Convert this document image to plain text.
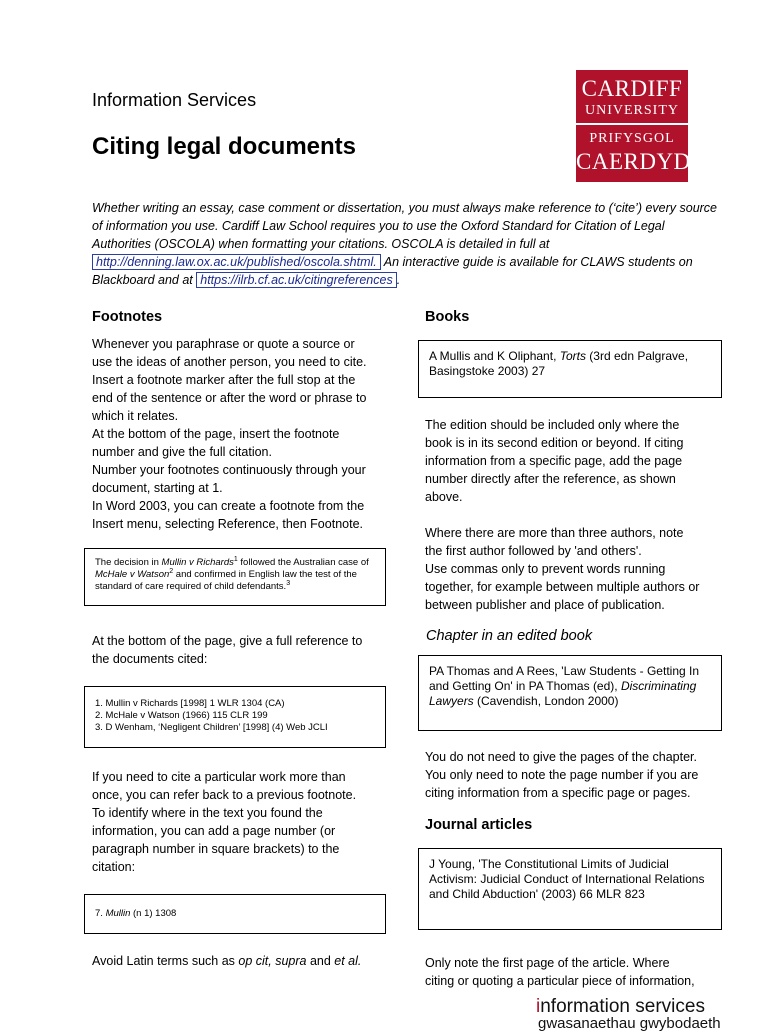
Information Services
Citing legal documents
CARDIFF
UNIVERSITY
PRIFYSGOL
CAERDYD
Whether writing an essay, case comment or dissertation, you must always make reference to (‘cite’) every source of information you use. Cardiff Law School requires you to use the Oxford Standard for Citation of Legal Authorities (OSCOLA) when formatting your citations. OSCOLA is detailed in full at http://denning.law.ox.ac.uk/published/oscola.shtml. An interactive guide is available for CLAWS students on Blackboard and at https://ilrb.cf.ac.uk/citingreferences .
Footnotes
Whenever you paraphrase or quote a source or
use the ideas of another person, you need to cite.
Insert a footnote marker after the full stop at the
end of the sentence or after the word or phrase to
which it relates.
At the bottom of the page, insert the footnote
number and give the full citation.
Number your footnotes continuously through your
document, starting at 1.
In Word 2003, you can create a footnote from the
Insert menu, selecting Reference, then Footnote.
The decision in Mullin v Richards$^1$ followed the Australian case of McHale v Watson$^2$ and confirmed in English law the test of the standard of care required of child defendants.$^3$
At the bottom of the page, give a full reference to
the documents cited:
1. Mullin v Richards [1998] 1 WLR 1304 (CA)
2. McHale v Watson (1966) 115 CLR 199
3. D Wenham, ‘Negligent Children’ [1998] (4) Web JCLI
If you need to cite a particular work more than
once, you can refer back to a previous footnote.
To identify where in the text you found the
information, you can add a page number (or
paragraph number in square brackets) to the
citation:
7. Mullin (n 1) 1308
Avoid Latin terms such as op cit, supra and et al.
Books
A Mullis and K Oliphant, Torts (3rd edn Palgrave, Basingstoke 2003) 27
The edition should be included only where the
book is in its second edition or beyond. If citing
information from a specific page, add the page
number directly after the reference, as shown
above.
Where there are more than three authors, note
the first author followed by 'and others'.
Use commas only to prevent words running
together, for example between multiple authors or
between publisher and place of publication.
Chapter in an edited book
PA Thomas and A Rees, 'Law Students - Getting In and Getting On' in PA Thomas (ed), Discriminating Lawyers (Cavendish, London 2000)
You do not need to give the pages of the chapter.
You only need to note the page number if you are
citing information from a specific page or pages.
Journal articles
J Young, 'The Constitutional Limits of Judicial Activism: Judicial Conduct of International Relations and Child Abduction' (2003) 66 MLR 823
Only note the first page of the article. Where
citing or quoting a particular piece of information,
information services
gwasanaethau gwybodaeth
